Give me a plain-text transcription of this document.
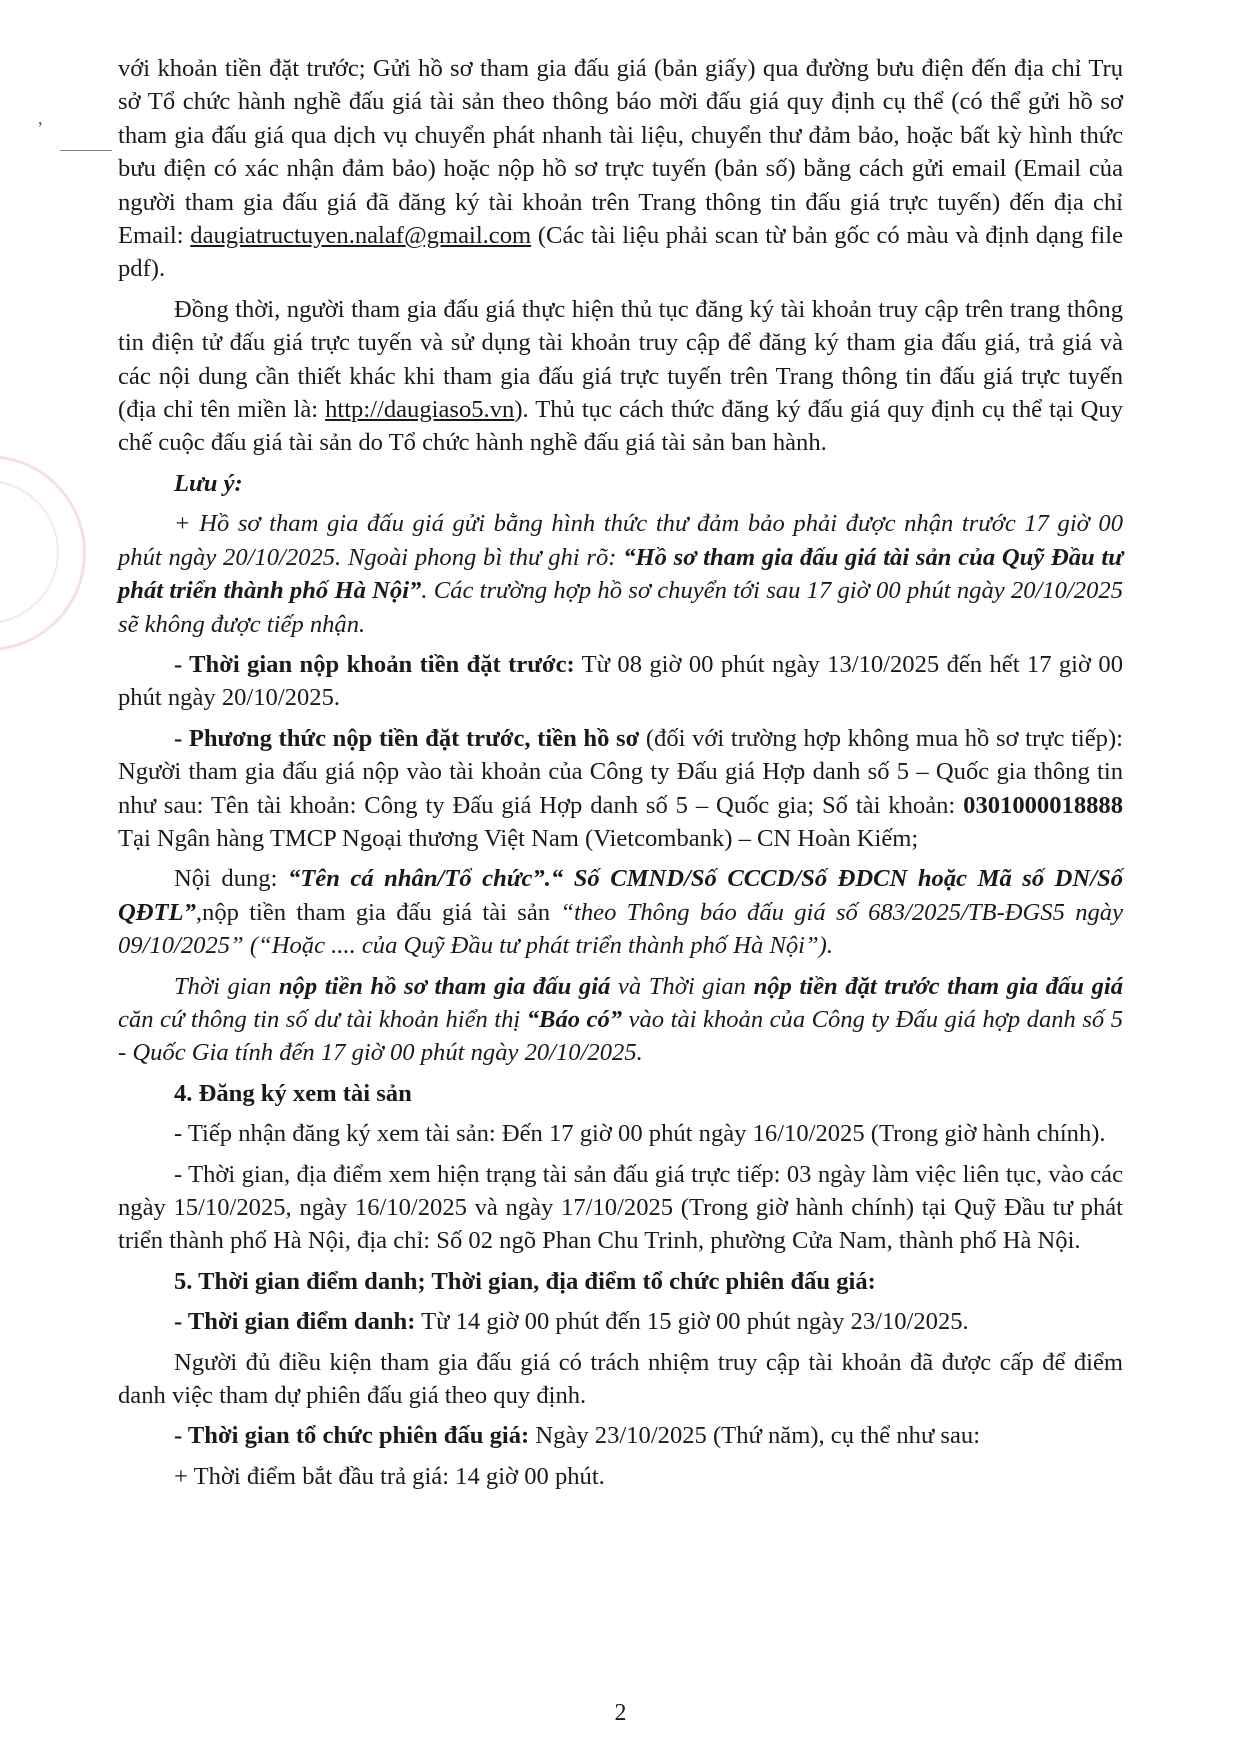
,

với khoản tiền đặt trước; Gửi hồ sơ tham gia đấu giá (bản giấy) qua đường bưu điện đến địa chỉ Trụ sở Tổ chức hành nghề đấu giá tài sản theo thông báo mời đấu giá quy định cụ thể (có thể gửi hồ sơ tham gia đấu giá qua dịch vụ chuyển phát nhanh tài liệu, chuyển thư đảm bảo, hoặc bất kỳ hình thức bưu điện có xác nhận đảm bảo) hoặc nộp hồ sơ trực tuyến (bản số) bằng cách gửi email (Email của người tham gia đấu giá đã đăng ký tài khoản trên Trang thông tin đấu giá trực tuyến) đến địa chỉ Email: daugiatructuyen.nalaf@gmail.com (Các tài liệu phải scan từ bản gốc có màu và định dạng file pdf).

Đồng thời, người tham gia đấu giá thực hiện thủ tục đăng ký tài khoản truy cập trên trang thông tin điện tử đấu giá trực tuyến và sử dụng tài khoản truy cập để đăng ký tham gia đấu giá, trả giá và các nội dung cần thiết khác khi tham gia đấu giá trực tuyến trên Trang thông tin đấu giá trực tuyến (địa chỉ tên miền là: http://daugiaso5.vn). Thủ tục cách thức đăng ký đấu giá quy định cụ thể tại Quy chế cuộc đấu giá tài sản do Tổ chức hành nghề đấu giá tài sản ban hành.

Lưu ý:

+ Hồ sơ tham gia đấu giá gửi bằng hình thức thư đảm bảo phải được nhận trước 17 giờ 00 phút ngày 20/10/2025. Ngoài phong bì thư ghi rõ: “Hồ sơ tham gia đấu giá tài sản của Quỹ Đầu tư phát triển thành phố Hà Nội”. Các trường hợp hồ sơ chuyển tới sau 17 giờ 00 phút ngày 20/10/2025 sẽ không được tiếp nhận.

- Thời gian nộp khoản tiền đặt trước: Từ 08 giờ 00 phút ngày 13/10/2025 đến hết 17 giờ 00 phút ngày 20/10/2025.

- Phương thức nộp tiền đặt trước, tiền hồ sơ (đối với trường hợp không mua hồ sơ trực tiếp): Người tham gia đấu giá nộp vào tài khoản của Công ty Đấu giá Hợp danh số 5 – Quốc gia thông tin như sau: Tên tài khoản: Công ty Đấu giá Hợp danh số 5 – Quốc gia; Số tài khoản: 0301000018888 Tại Ngân hàng TMCP Ngoại thương Việt Nam (Vietcombank) – CN Hoàn Kiếm;

Nội dung: “Tên cá nhân/Tổ chức”.“ Số CMND/Số CCCD/Số ĐDCN hoặc Mã số DN/Số QĐTL”,nộp tiền tham gia đấu giá tài sản “theo Thông báo đấu giá số 683/2025/TB-ĐGS5 ngày 09/10/2025” (“Hoặc .... của Quỹ Đầu tư phát triển thành phố Hà Nội”).

Thời gian nộp tiền hồ sơ tham gia đấu giá và Thời gian nộp tiền đặt trước tham gia đấu giá căn cứ thông tin số dư tài khoản hiển thị “Báo có” vào tài khoản của Công ty Đấu giá hợp danh số 5 - Quốc Gia tính đến 17 giờ 00 phút ngày 20/10/2025.

4. Đăng ký xem tài sản

- Tiếp nhận đăng ký xem tài sản: Đến 17 giờ 00 phút ngày 16/10/2025 (Trong giờ hành chính).

- Thời gian, địa điểm xem hiện trạng tài sản đấu giá trực tiếp: 03 ngày làm việc liên tục, vào các ngày 15/10/2025, ngày 16/10/2025 và ngày 17/10/2025 (Trong giờ hành chính) tại Quỹ Đầu tư phát triển thành phố Hà Nội, địa chỉ: Số 02 ngõ Phan Chu Trinh, phường Cửa Nam, thành phố Hà Nội.

5. Thời gian điểm danh; Thời gian, địa điểm tổ chức phiên đấu giá:

- Thời gian điểm danh: Từ 14 giờ 00 phút đến 15 giờ 00 phút ngày 23/10/2025.

Người đủ điều kiện tham gia đấu giá có trách nhiệm truy cập tài khoản đã được cấp để điểm danh việc tham dự phiên đấu giá theo quy định.

- Thời gian tổ chức phiên đấu giá: Ngày 23/10/2025 (Thứ năm), cụ thể như sau:

+ Thời điểm bắt đầu trả giá: 14 giờ 00 phút.

2
